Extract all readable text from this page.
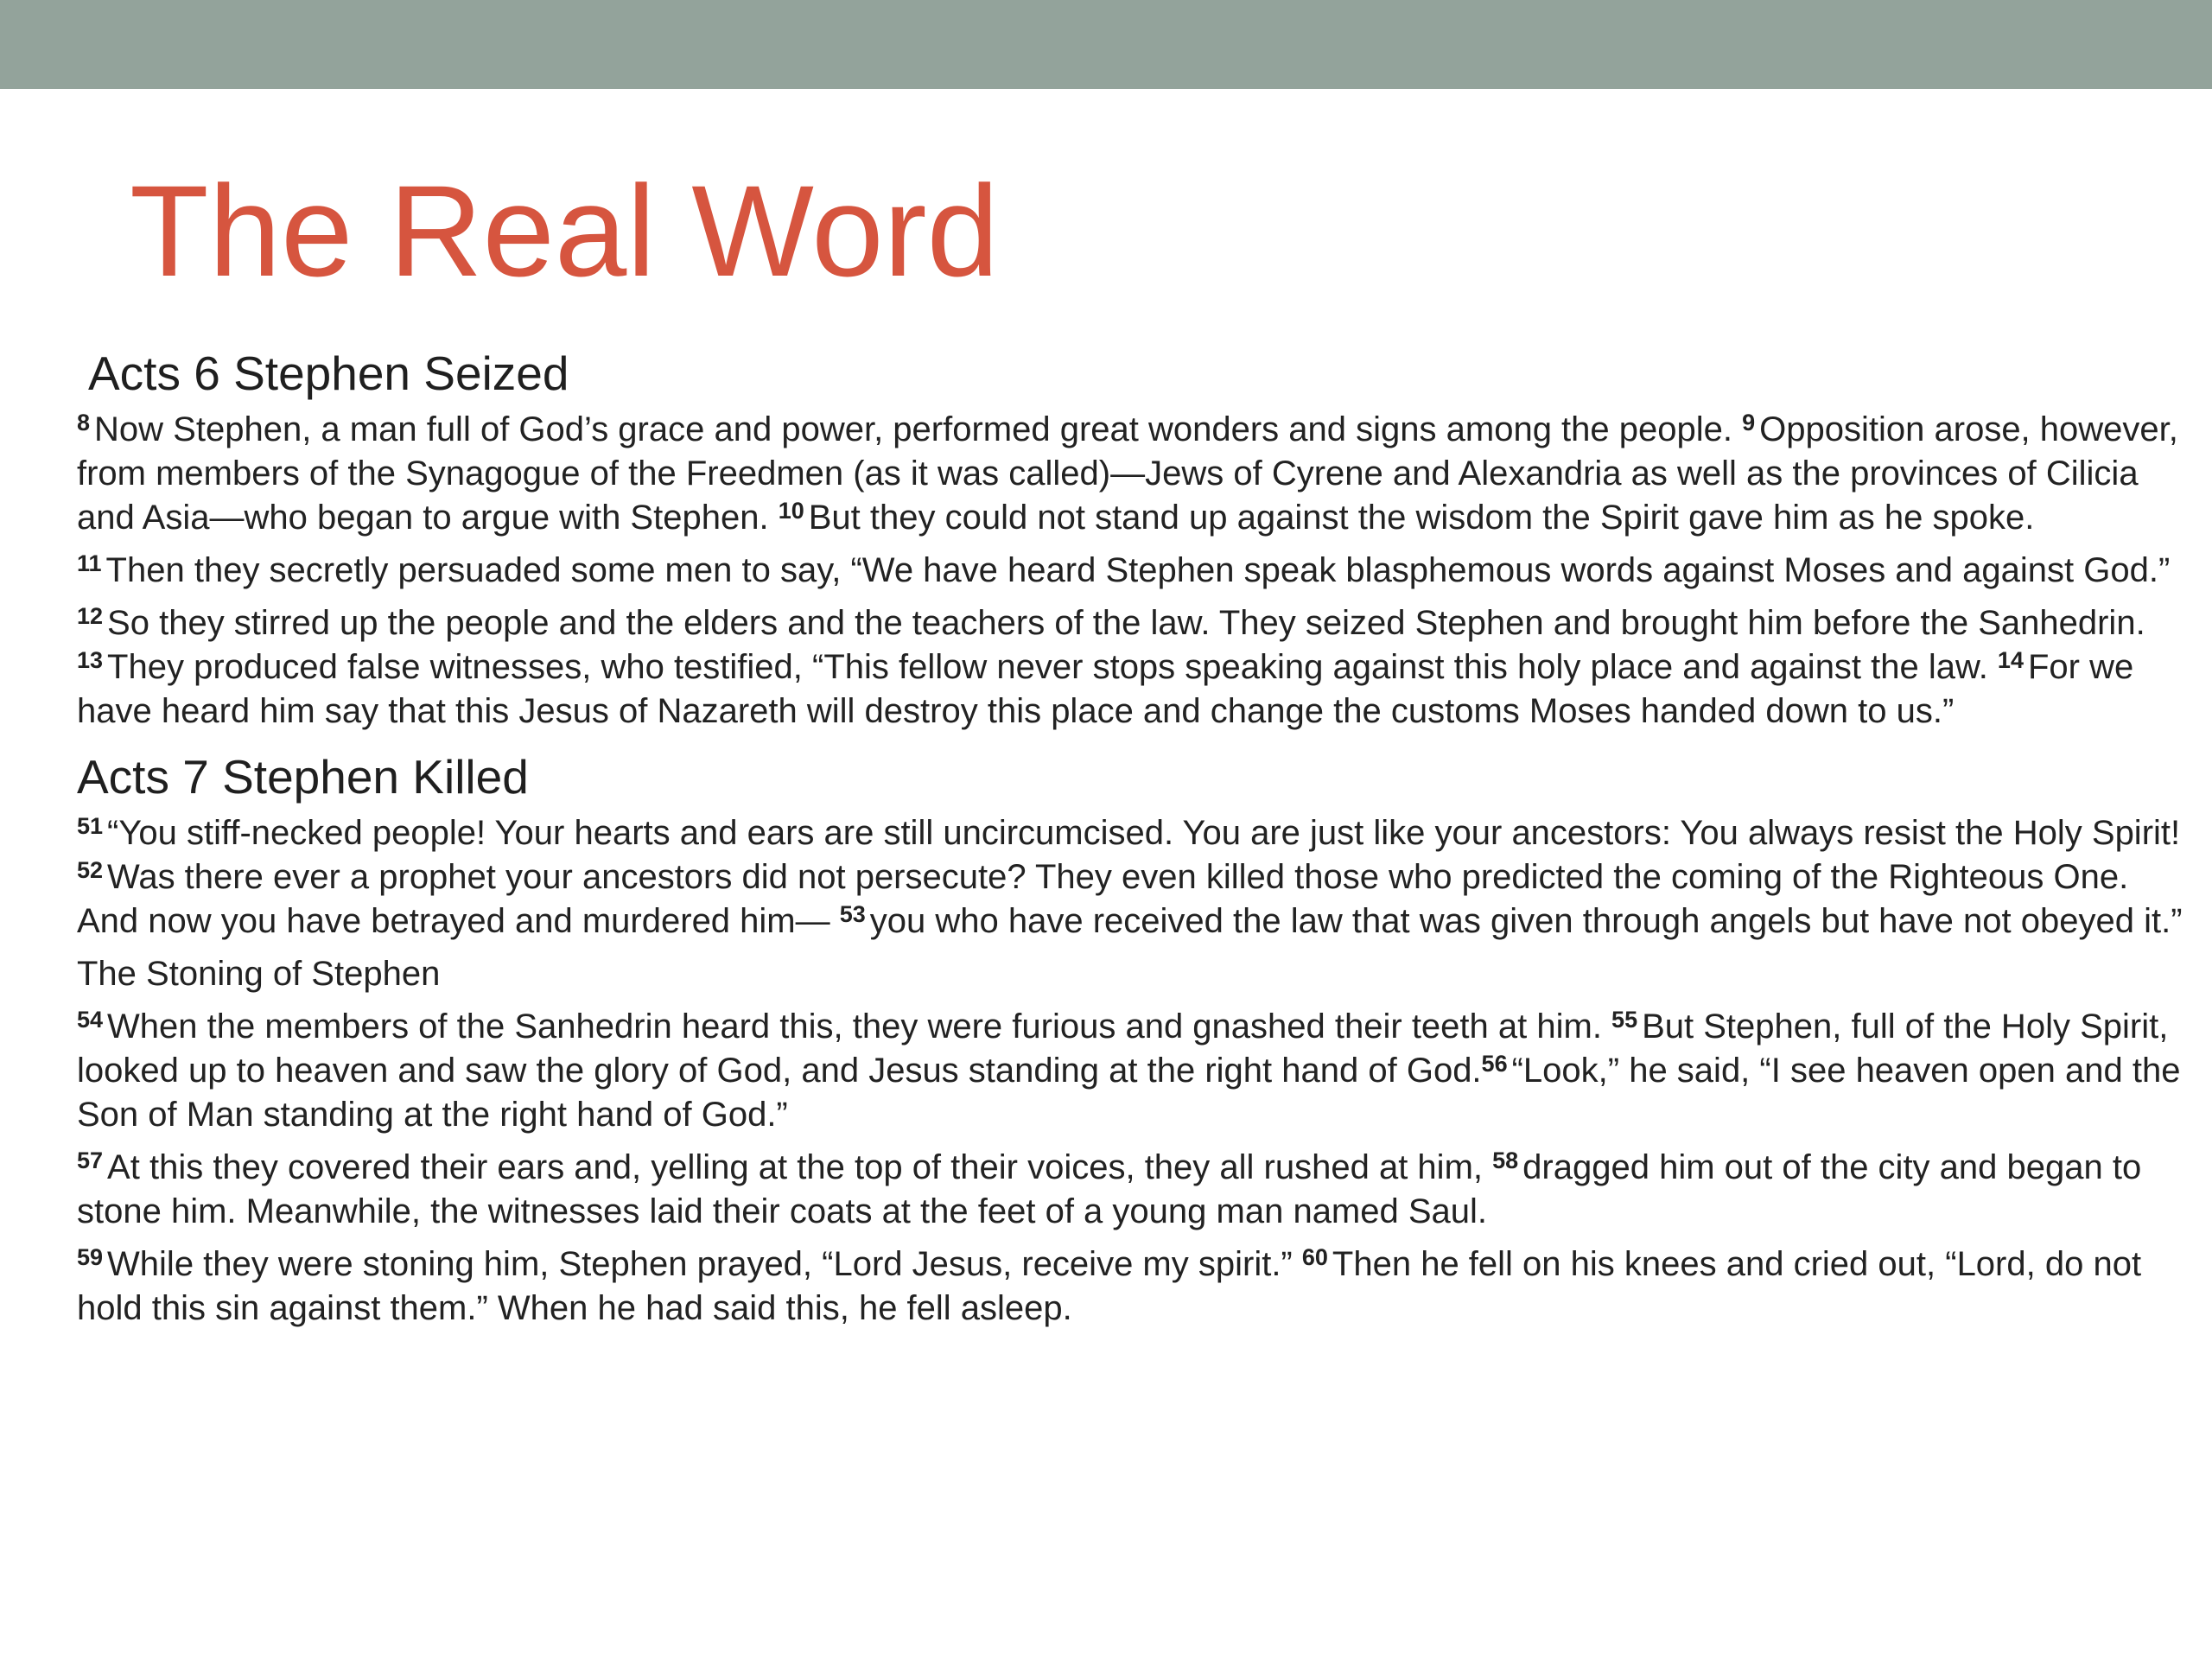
The Real Word
Acts 6 Stephen Seized

$^8$ Now Stephen, a man full of God’s grace and power, performed great wonders and signs among the people. $^9$ Opposition arose, however, from members of the Synagogue of the Freedmen (as it was called)—Jews of Cyrene and Alexandria as well as the provinces of Cilicia and Asia—who began to argue with Stephen. $^{10}$ But they could not stand up against the wisdom the Spirit gave him as he spoke.

$^{11}$ Then they secretly persuaded some men to say, “We have heard Stephen speak blasphemous words against Moses and against God.”

$^{12}$ So they stirred up the people and the elders and the teachers of the law. They seized Stephen and brought him before the Sanhedrin. $^{13}$ They produced false witnesses, who testified, “This fellow never stops speaking against this holy place and against the law. $^{14}$ For we have heard him say that this Jesus of Nazareth will destroy this place and change the customs Moses handed down to us.”

Acts 7 Stephen Killed

$^{51}$ “You stiff-necked people! Your hearts and ears are still uncircumcised. You are just like your ancestors: You always resist the Holy Spirit! $^{52}$ Was there ever a prophet your ancestors did not persecute? They even killed those who predicted the coming of the Righteous One. And now you have betrayed and murdered him— $^{53}$ you who have received the law that was given through angels but have not obeyed it.”

The Stoning of Stephen

$^{54}$ When the members of the Sanhedrin heard this, they were furious and gnashed their teeth at him. $^{55}$ But Stephen, full of the Holy Spirit, looked up to heaven and saw the glory of God, and Jesus standing at the right hand of God.$^{56}$ “Look,” he said, “I see heaven open and the Son of Man standing at the right hand of God.”

$^{57}$ At this they covered their ears and, yelling at the top of their voices, they all rushed at him, $^{58}$ dragged him out of the city and began to stone him. Meanwhile, the witnesses laid their coats at the feet of a young man named Saul.

$^{59}$ While they were stoning him, Stephen prayed, “Lord Jesus, receive my spirit.” $^{60}$ Then he fell on his knees and cried out, “Lord, do not hold this sin against them.” When he had said this, he fell asleep.
